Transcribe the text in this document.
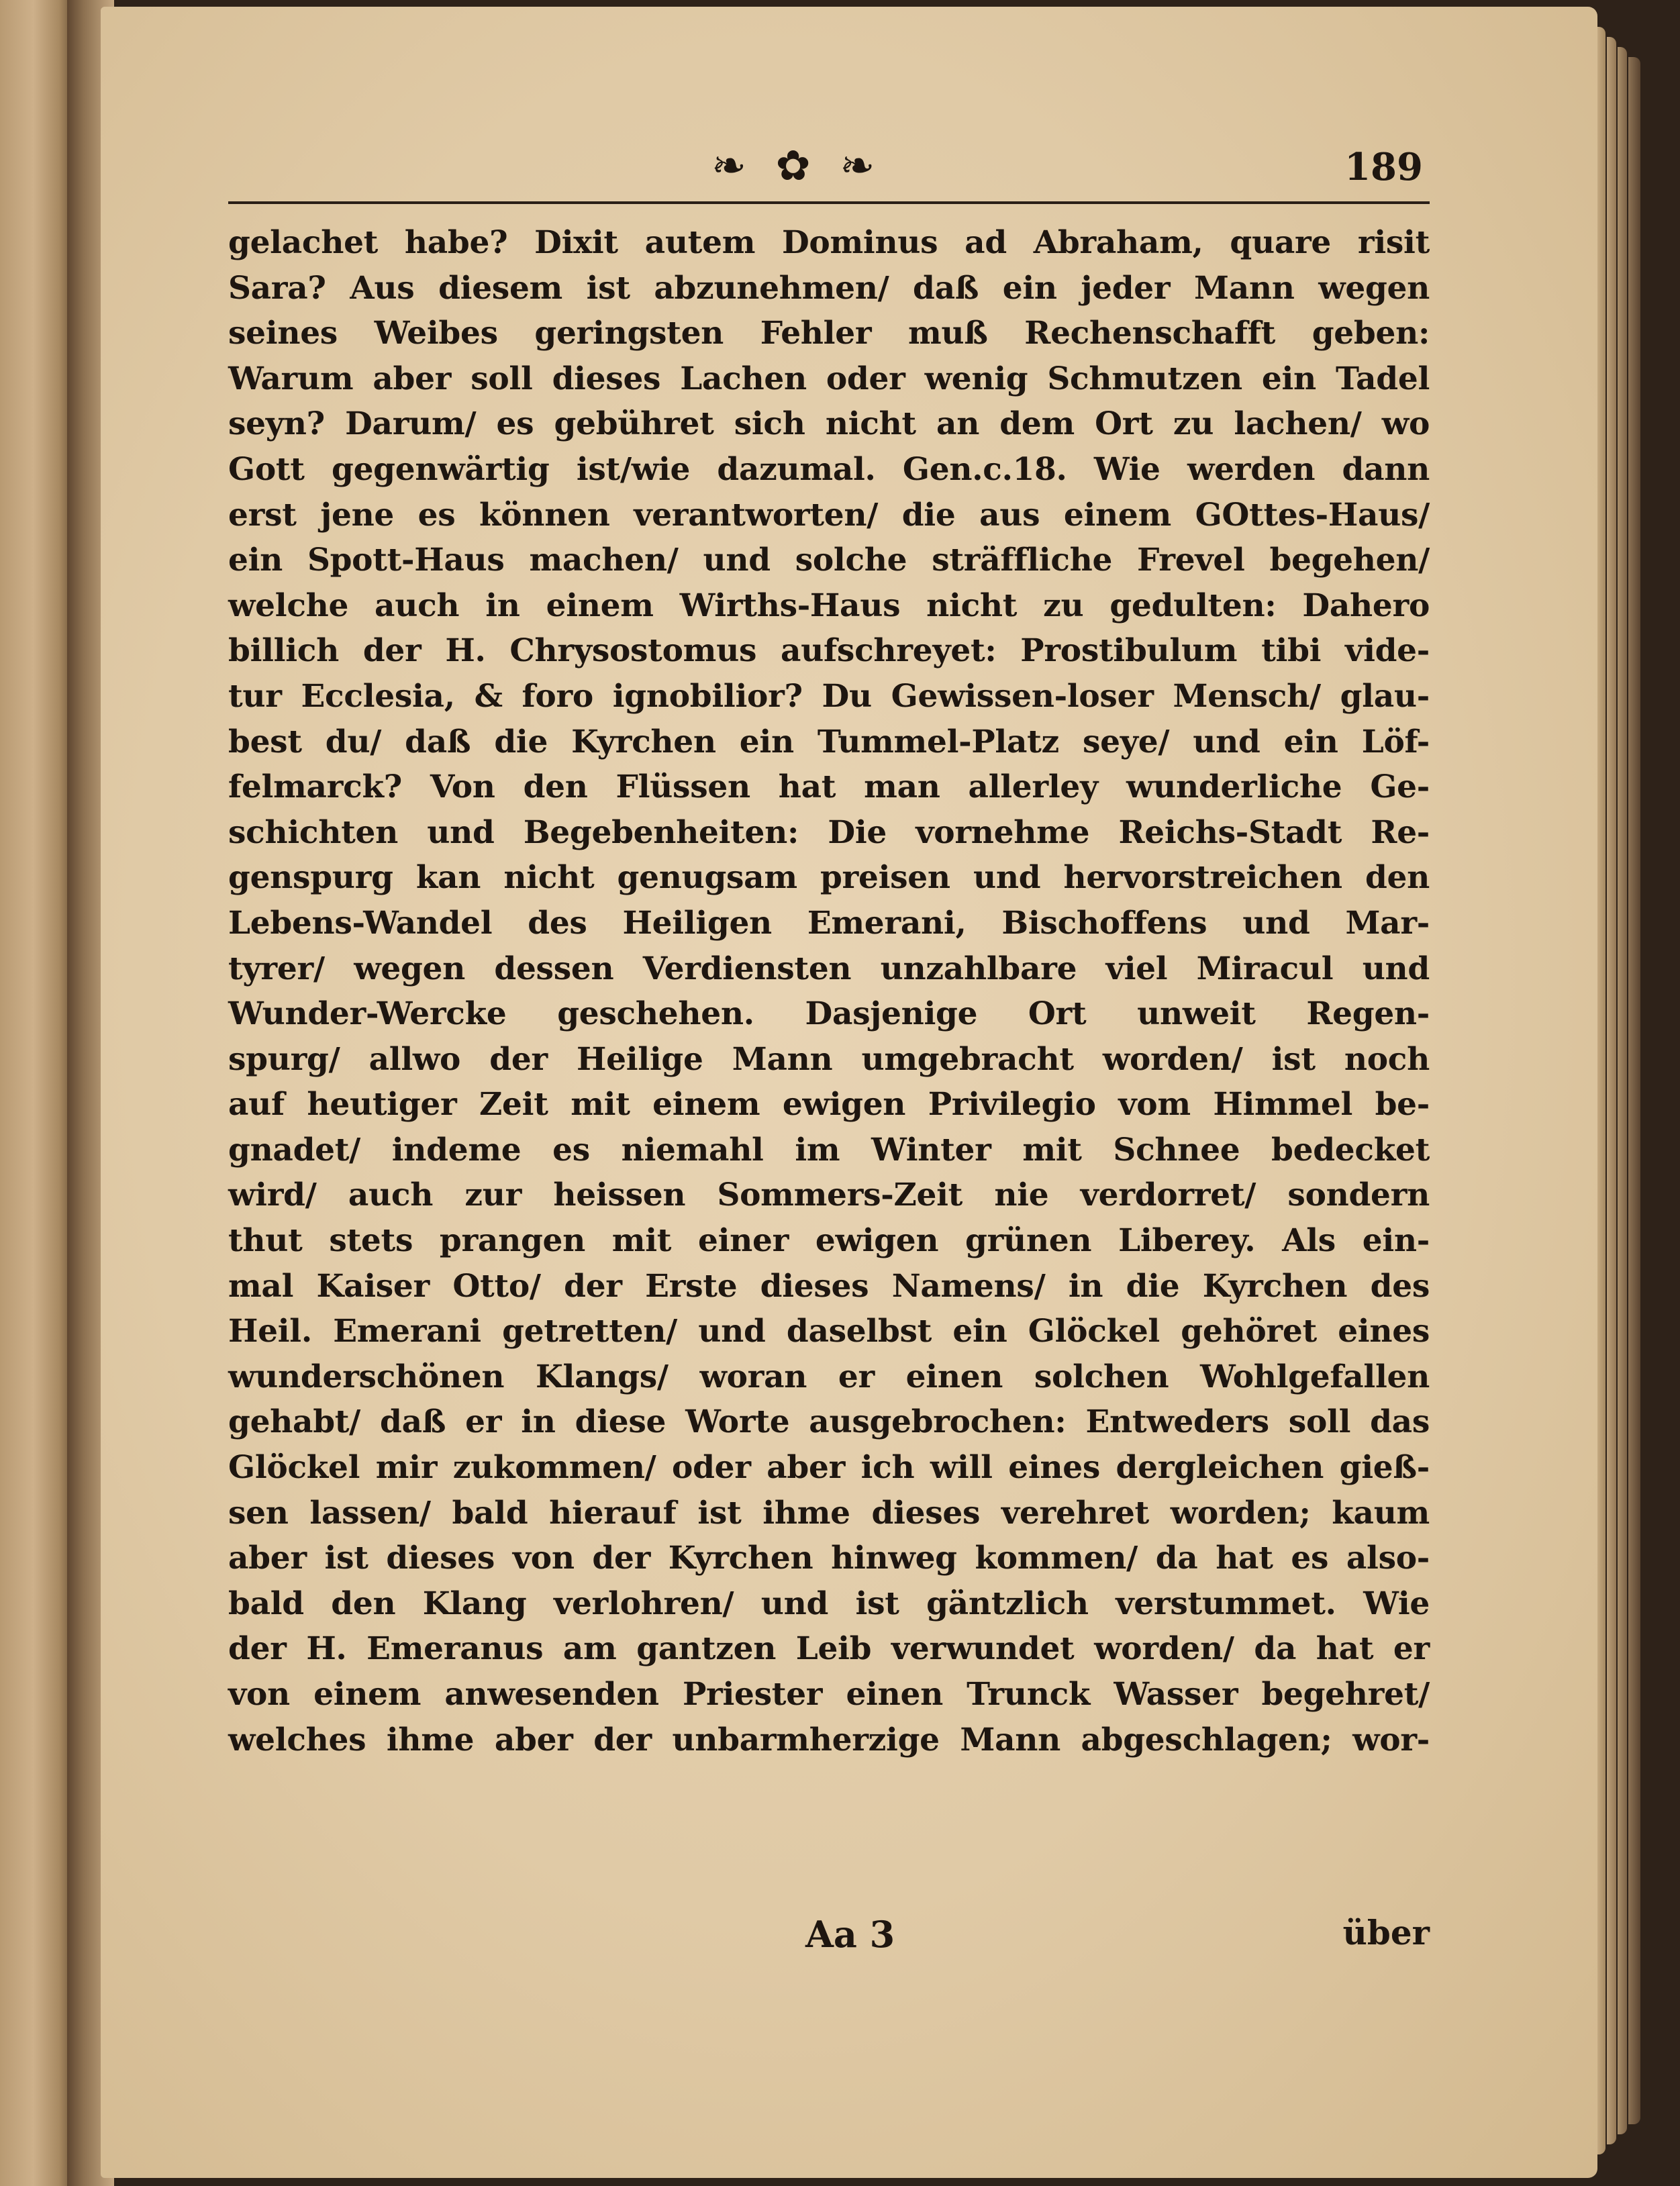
❧ ✿ ❧	189
gelachet habe? Dixit autem Dominus ad Abraham, quare risit
Sara? Aus diesem ist abzunehmen/ daß ein jeder Mann wegen
seines Weibes geringsten Fehler muß Rechenschafft geben:
Warum aber soll dieses Lachen oder wenig Schmutzen ein Tadel
seyn? Darum/ es gebühret sich nicht an dem Ort zu lachen/ wo
Gott gegenwärtig ist/wie dazumal. Gen.c.18. Wie werden dann
erst jene es können verantworten/ die aus einem GOttes-Haus/
ein Spott-Haus machen/ und solche sträffliche Frevel begehen/
welche auch in einem Wirths-Haus nicht zu gedulten: Dahero
billich der H. Chrysostomus aufschreyet: Prostibulum tibi vide-
tur Ecclesia, & foro ignobilior? Du Gewissen-loser Mensch/ glau-
best du/ daß die Kyrchen ein Tummel-Platz seye/ und ein Löf-
felmarck? Von den Flüssen hat man allerley wunderliche Ge-
schichten und Begebenheiten: Die vornehme Reichs-Stadt Re-
genspurg kan nicht genugsam preisen und hervorstreichen den
Lebens-Wandel des Heiligen Emerani, Bischoffens und Mar-
tyrer/ wegen dessen Verdiensten unzahlbare viel Miracul und
Wunder-Wercke geschehen. Dasjenige Ort unweit Regen-
spurg/ allwo der Heilige Mann umgebracht worden/ ist noch
auf heutiger Zeit mit einem ewigen Privilegio vom Himmel be-
gnadet/ indeme es niemahl im Winter mit Schnee bedecket
wird/ auch zur heissen Sommers-Zeit nie verdorret/ sondern
thut stets prangen mit einer ewigen grünen Liberey. Als ein-
mal Kaiser Otto/ der Erste dieses Namens/ in die Kyrchen des
Heil. Emerani getretten/ und daselbst ein Glöckel gehöret eines
wunderschönen Klangs/ woran er einen solchen Wohlgefallen
gehabt/ daß er in diese Worte ausgebrochen: Entweders soll das
Glöckel mir zukommen/ oder aber ich will eines dergleichen gieß-
sen lassen/ bald hierauf ist ihme dieses verehret worden; kaum
aber ist dieses von der Kyrchen hinweg kommen/ da hat es also-
bald den Klang verlohren/ und ist gäntzlich verstummet. Wie
der H. Emeranus am gantzen Leib verwundet worden/ da hat er
von einem anwesenden Priester einen Trunck Wasser begehret/
welches ihme aber der unbarmherzige Mann abgeschlagen; wor-
Aa 3	über
